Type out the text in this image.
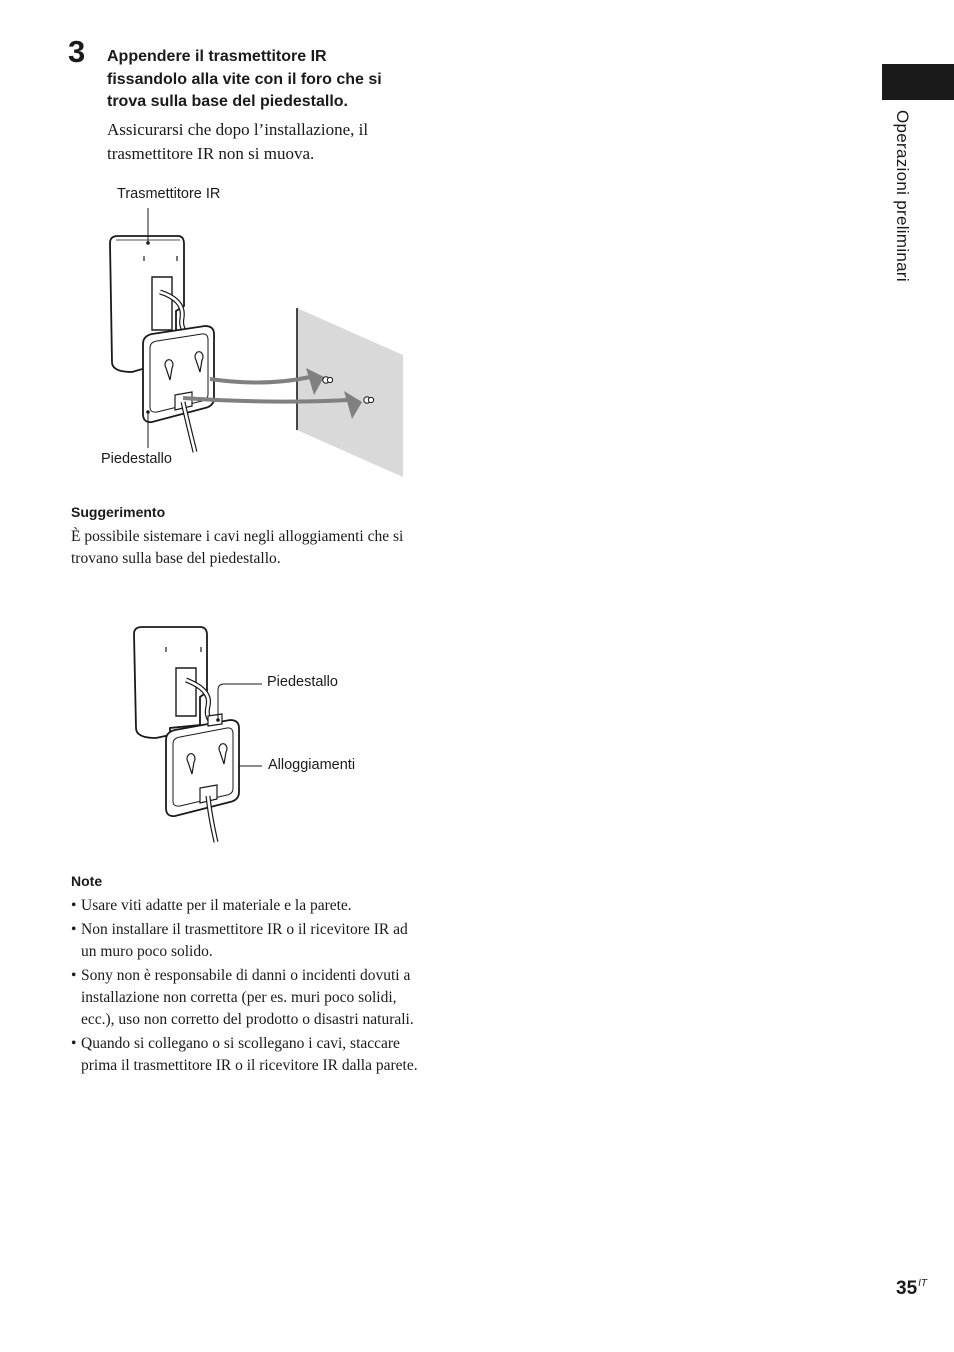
3 Appendere il trasmettitore IR
fissandolo alla vite con il foro che si
trova sulla base del piedestallo.
Assicurarsi che dopo l’installazione, il
trasmettitore IR non si muova.
Trasmettitore IR
Piedestallo
Suggerimento
È possibile sistemare i cavi negli alloggiamenti che si
trovano sulla base del piedestallo.
Piedestallo
Alloggiamenti
Note
• Usare viti adatte per il materiale e la parete.
• Non installare il trasmettitore IR o il ricevitore IR ad
un muro poco solido.
• Sony non è responsabile di danni o incidenti dovuti a
installazione non corretta (per es. muri poco solidi,
ecc.), uso non corretto del prodotto o disastri naturali.
• Quando si collegano o si scollegano i cavi, staccare
prima il trasmettitore IR o il ricevitore IR dalla parete.
Operazioni preliminari
$35^{IT}$
